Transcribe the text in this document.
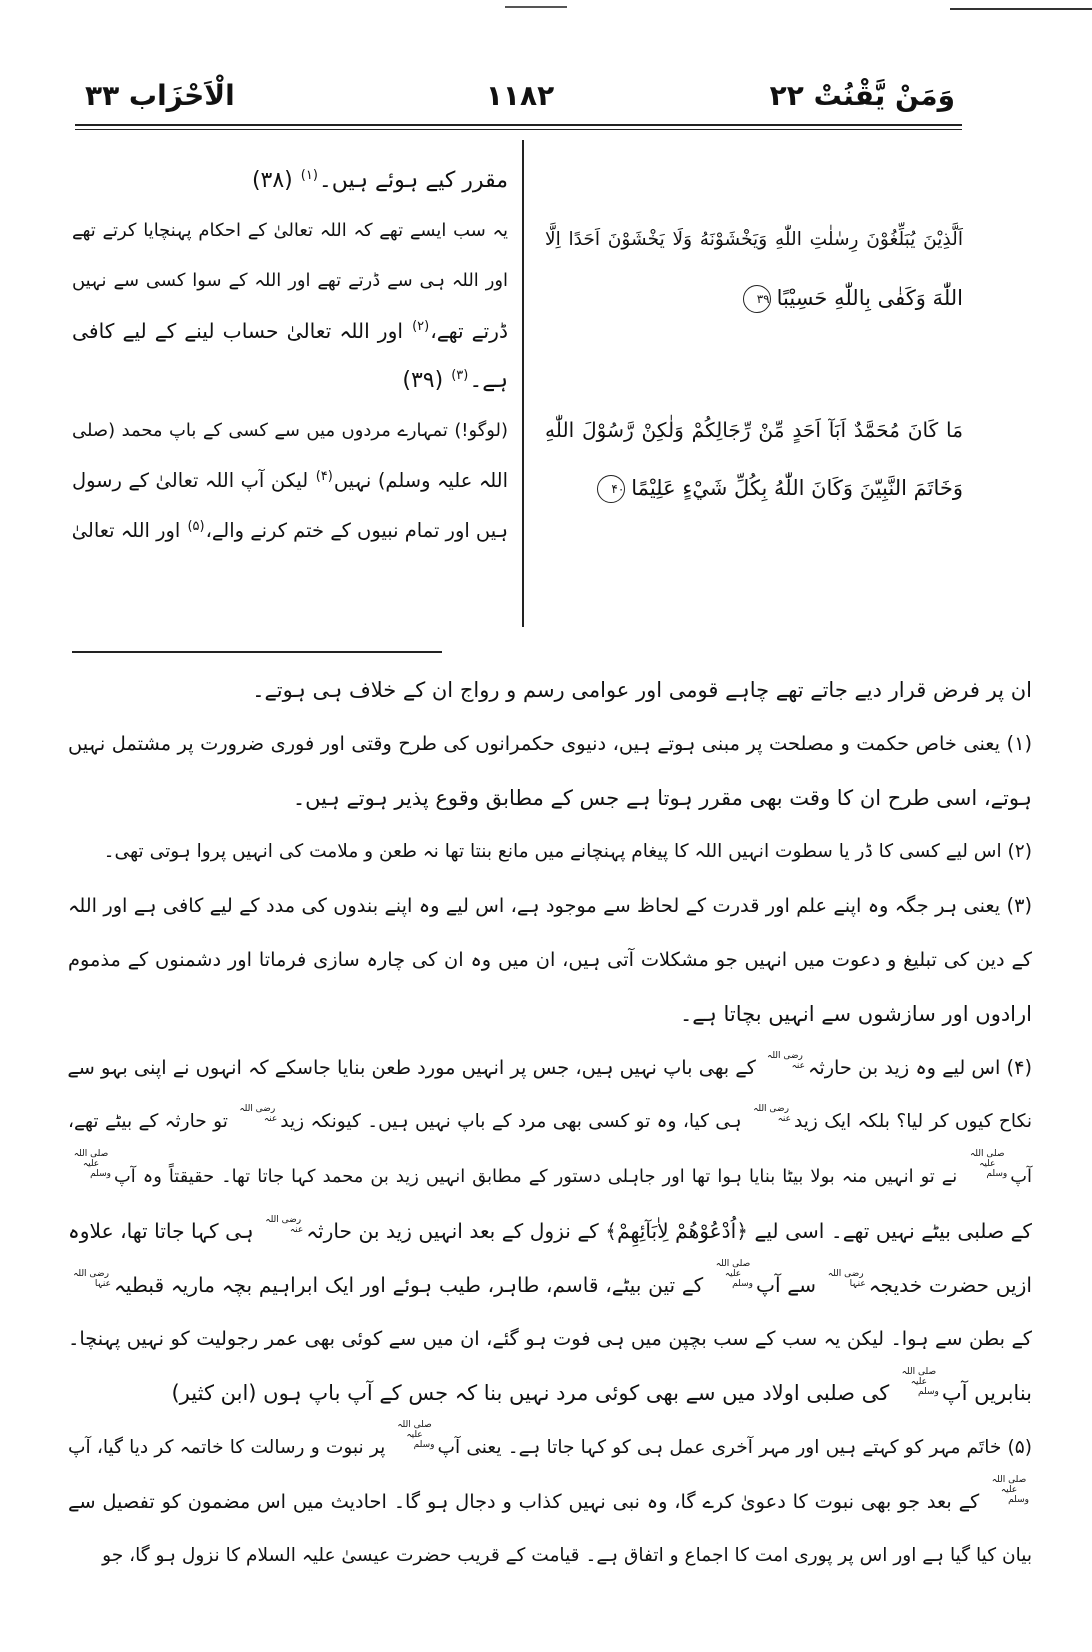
وَمَنْ يَّقْنُتْ ۲۲
۱۱۸۲
الْاَحْزَاب ۳۳
اَلَّذِيْنَ يُبَلِّغُوْنَ رِسٰلٰتِ اللّٰهِ وَيَخْشَوْنَهُ وَلَا يَخْشَوْنَ اَحَدًا اِلَّا
اللّٰهَ وَكَفٰى بِاللّٰهِ حَسِيْبًا۳۹
مَا كَانَ مُحَمَّدٌ اَبَآ اَحَدٍ مِّنْ رِّجَالِكُمْ وَلٰكِنْ رَّسُوْلَ اللّٰهِ
وَخَاتَمَ النَّبِيّنَ وَكَانَ اللّٰهُ بِكُلِّ شَيْءٍ عَلِيْمًا۴۰
مقرر کیے ہوئے ہیں۔$^{(۱)}$ (۳۸)
یہ سب ایسے تھے کہ اللہ تعالیٰ کے احکام پہنچایا کرتے تھے
اور اللہ ہی سے ڈرتے تھے اور اللہ کے سوا کسی سے نہیں
ڈرتے تھے،$^{(۲)}$ اور اللہ تعالیٰ حساب لینے کے لیے کافی
ہے۔$^{(۳)}$ (۳۹)
(لوگو!) تمہارے مردوں میں سے کسی کے باپ محمد (صلی
اللہ علیہ وسلم) نہیں$^{(۴)}$ لیکن آپ اللہ تعالیٰ کے رسول
ہیں اور تمام نبیوں کے ختم کرنے والے،$^{(۵)}$ اور اللہ تعالیٰ
ان پر فرض قرار دیے جاتے تھے چاہے قومی اور عوامی رسم و رواج ان کے خلاف ہی ہوتے۔
(۱) یعنی خاص حکمت و مصلحت پر مبنی ہوتے ہیں، دنیوی حکمرانوں کی طرح وقتی اور فوری ضرورت پر مشتمل نہیں
ہوتے، اسی طرح ان کا وقت بھی مقرر ہوتا ہے جس کے مطابق وقوع پذیر ہوتے ہیں۔
(۲) اس لیے کسی کا ڈر یا سطوت انہیں اللہ کا پیغام پہنچانے میں مانع بنتا تھا نہ طعن و ملامت کی انہیں پروا ہوتی تھی۔
(۳) یعنی ہر جگہ وہ اپنے علم اور قدرت کے لحاظ سے موجود ہے، اس لیے وہ اپنے بندوں کی مدد کے لیے کافی ہے اور اللہ
کے دین کی تبلیغ و دعوت میں انہیں جو مشکلات آتی ہیں، ان میں وہ ان کی چارہ سازی فرماتا اور دشمنوں کے مذموم
ارادوں اور سازشوں سے انہیں بچاتا ہے۔
(۴) اس لیے وہ زید بن حارثہرضی اللہ عنہ کے بھی باپ نہیں ہیں، جس پر انہیں مورد طعن بنایا جاسکے کہ انہوں نے اپنی بہو سے
نکاح کیوں کر لیا؟ بلکہ ایک زیدرضی اللہ عنہ ہی کیا، وہ تو کسی بھی مرد کے باپ نہیں ہیں۔ کیونکہ زیدرضی اللہ عنہ تو حارثہ کے بیٹے تھے،
آپصلی اللہ علیہ وسلم نے تو انہیں منہ بولا بیٹا بنایا ہوا تھا اور جاہلی دستور کے مطابق انہیں زید بن محمد کہا جاتا تھا۔ حقیقتاً وہ آپصلی اللہ علیہ وسلم
کے صلبی بیٹے نہیں تھے۔ اسی لیے ﴿اُدْعُوْهُمْ لِاٰبَآئِهِمْ﴾ کے نزول کے بعد انہیں زید بن حارثہرضی اللہ عنہ ہی کہا جاتا تھا، علاوہ
ازیں حضرت خدیجہرضی اللہ عنہا سے آپصلی اللہ علیہ وسلم کے تین بیٹے، قاسم، طاہر، طیب ہوئے اور ایک ابراہیم بچہ ماریہ قبطیہرضی اللہ عنہا
کے بطن سے ہوا۔ لیکن یہ سب کے سب بچپن میں ہی فوت ہو گئے، ان میں سے کوئی بھی عمر رجولیت کو نہیں پہنچا۔
بنابریں آپصلی اللہ علیہ وسلم کی صلبی اولاد میں سے بھی کوئی مرد نہیں بنا کہ جس کے آپ باپ ہوں (ابن کثیر)
(۵) خاتَم مہر کو کہتے ہیں اور مہر آخری عمل ہی کو کہا جاتا ہے۔ یعنی آپصلی اللہ علیہ وسلم پر نبوت و رسالت کا خاتمہ کر دیا گیا، آپ
صلی اللہ علیہ وسلم کے بعد جو بھی نبوت کا دعویٰ کرے گا، وہ نبی نہیں کذاب و دجال ہو گا۔ احادیث میں اس مضمون کو تفصیل سے
بیان کیا گیا ہے اور اس پر پوری امت کا اجماع و اتفاق ہے۔ قیامت کے قریب حضرت عیسیٰ علیہ السلام کا نزول ہو گا، جو
